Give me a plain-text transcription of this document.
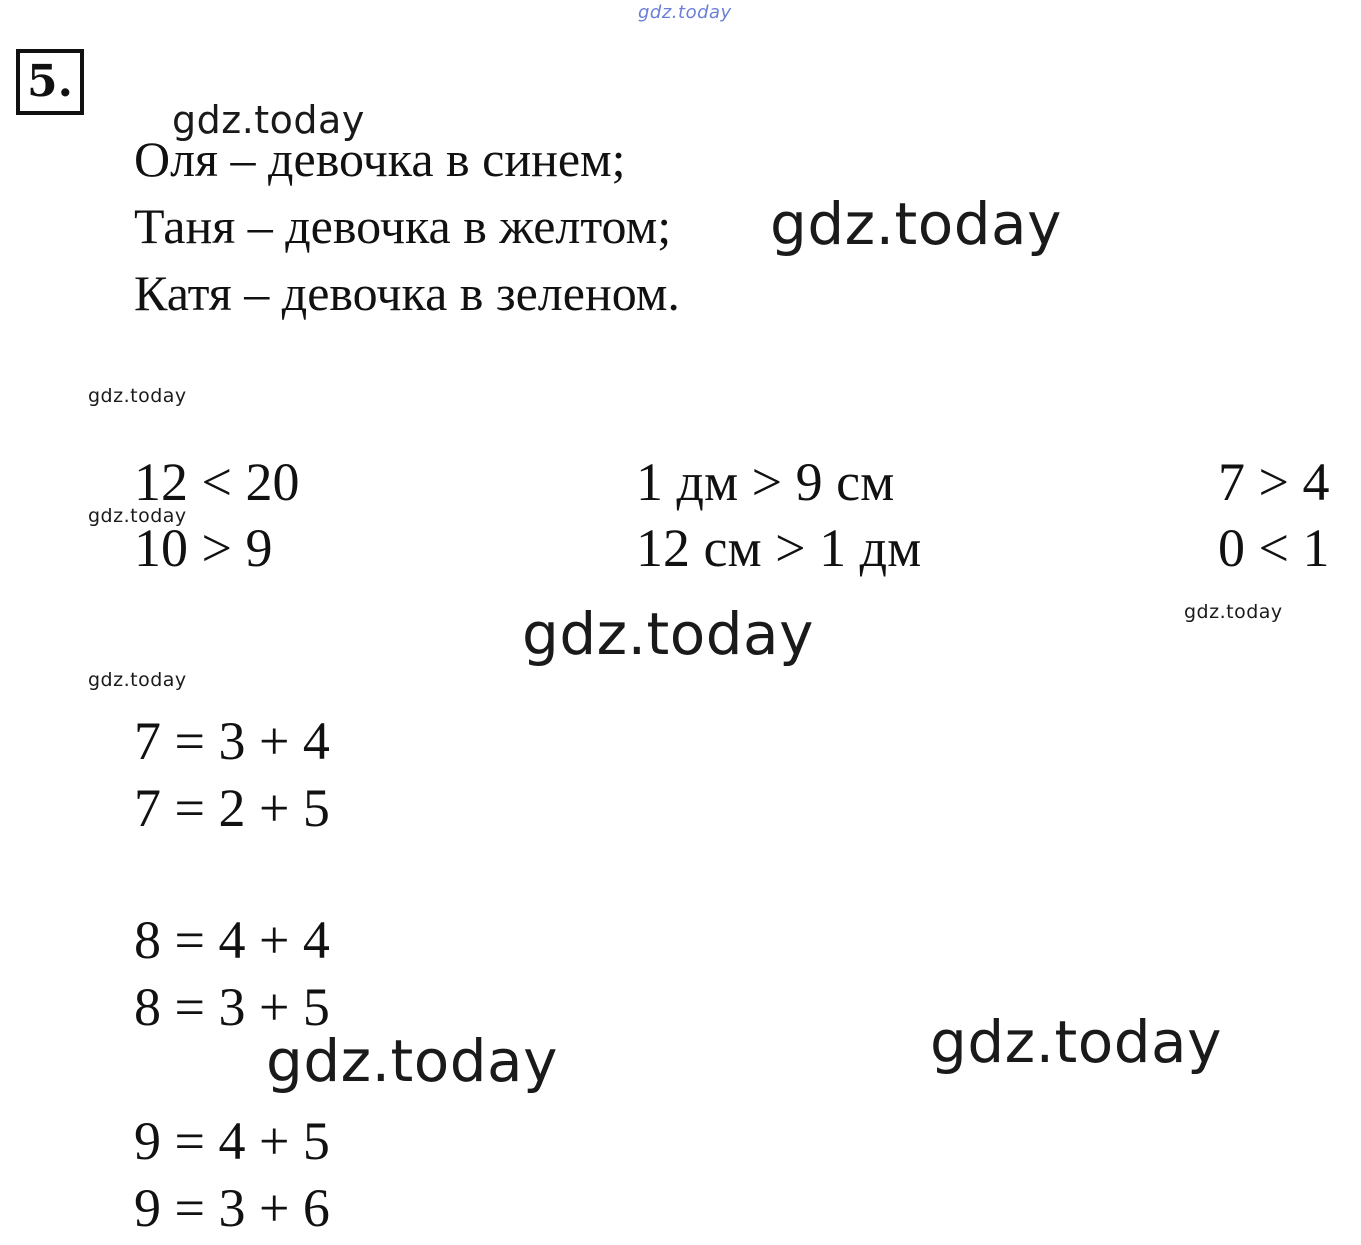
gdz.today
gdz.today
gdz.today
gdz.today
gdz.today
gdz.today
gdz.today
gdz.today
gdz.today	gdz.today
5.
Оля – девочка в синем;
Таня – девочка в желтом;
Катя – девочка в зеленом.
12 < 20
10 > 9
1 дм > 9 см
12 см > 1 дм
7 > 4
0 < 1
7 = 3 + 4
7 = 2 + 5
8 = 4 + 4
8 = 3 + 5
9 = 4 + 5
9 = 3 + 6
